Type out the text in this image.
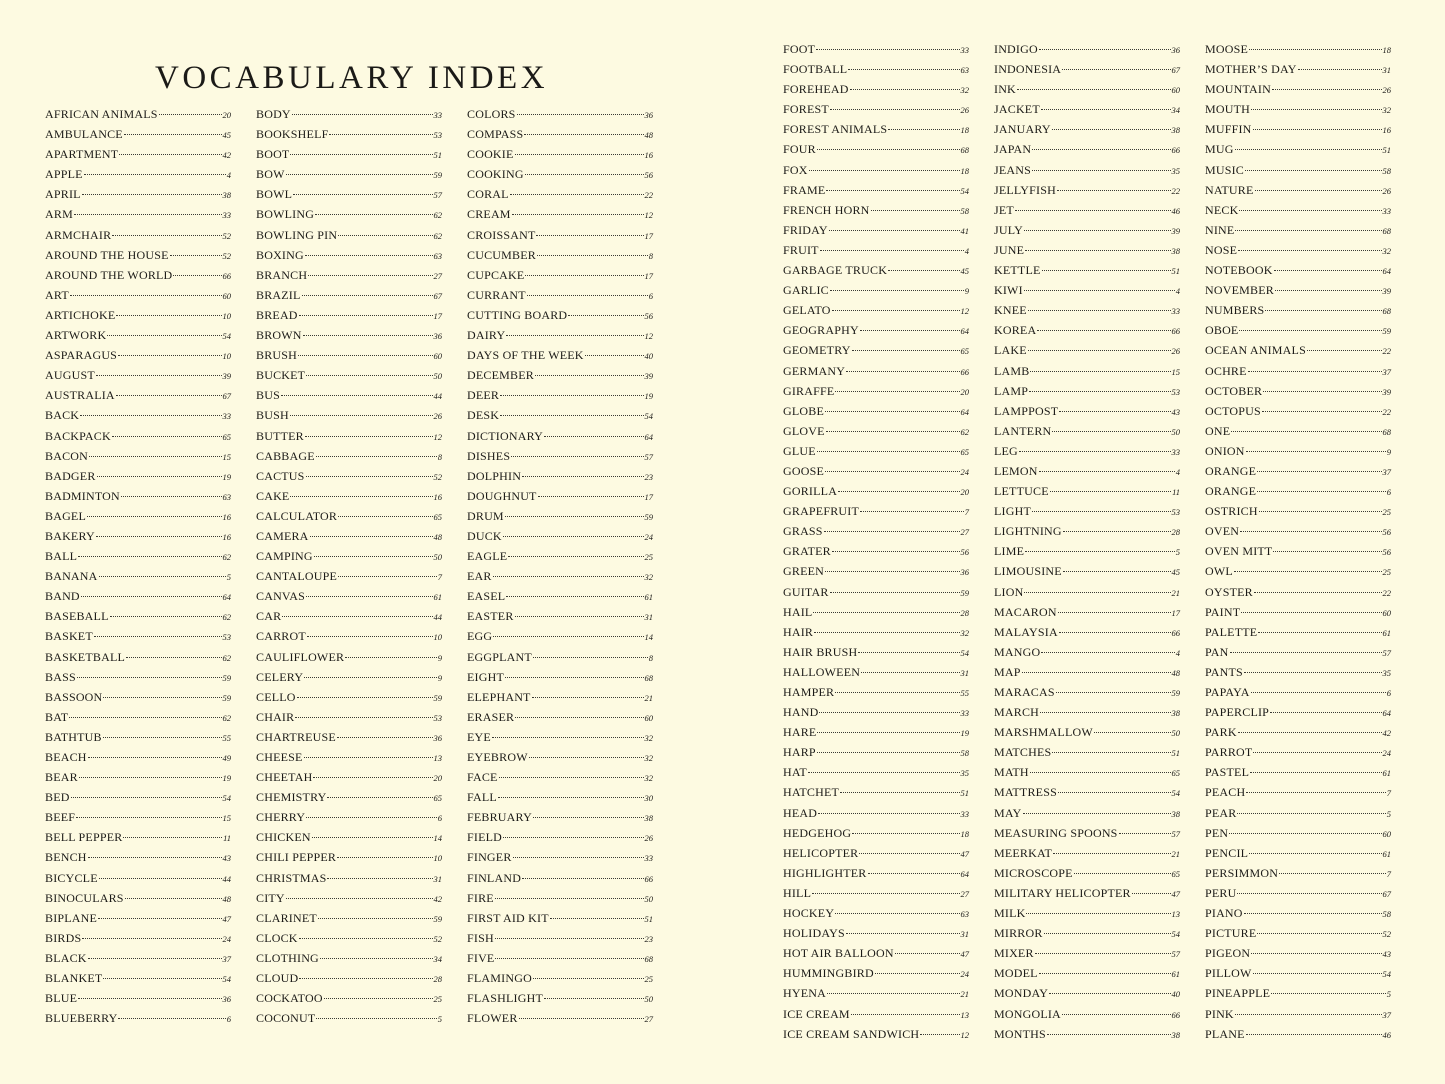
VOCABULARY INDEX
AFRICAN ANIMALS	20
AMBULANCE	45
APARTMENT	42
APPLE	4
APRIL	38
ARM	33
ARMCHAIR	52
AROUND THE HOUSE	52
AROUND THE WORLD	66
ART	60
ARTICHOKE	10
ARTWORK	54
ASPARAGUS	10
AUGUST	39
AUSTRALIA	67
BACK	33
BACKPACK	65
BACON	15
BADGER	19
BADMINTON	63
BAGEL	16
BAKERY	16
BALL	62
BANANA	5
BAND	64
BASEBALL	62
BASKET	53
BASKETBALL	62
BASS	59
BASSOON	59
BAT	62
BATHTUB	55
BEACH	49
BEAR	19
BED	54
BEEF	15
BELL PEPPER	11
BENCH	43
BICYCLE	44
BINOCULARS	48
BIPLANE	47
BIRDS	24
BLACK	37
BLANKET	54
BLUE	36
BLUEBERRY	6
BODY	33
BOOKSHELF	53
BOOT	51
BOW	59
BOWL	57
BOWLING	62
BOWLING PIN	62
BOXING	63
BRANCH	27
BRAZIL	67
BREAD	17
BROWN	36
BRUSH	60
BUCKET	50
BUS	44
BUSH	26
BUTTER	12
CABBAGE	8
CACTUS	52
CAKE	16
CALCULATOR	65
CAMERA	48
CAMPING	50
CANTALOUPE	7
CANVAS	61
CAR	44
CARROT	10
CAULIFLOWER	9
CELERY	9
CELLO	59
CHAIR	53
CHARTREUSE	36
CHEESE	13
CHEETAH	20
CHEMISTRY	65
CHERRY	6
CHICKEN	14
CHILI PEPPER	10
CHRISTMAS	31
CITY	42
CLARINET	59
CLOCK	52
CLOTHING	34
CLOUD	28
COCKATOO	25
COCONUT	5
COLORS	36
COMPASS	48
COOKIE	16
COOKING	56
CORAL	22
CREAM	12
CROISSANT	17
CUCUMBER	8
CUPCAKE	17
CURRANT	6
CUTTING BOARD	56
DAIRY	12
DAYS OF THE WEEK	40
DECEMBER	39
DEER	19
DESK	54
DICTIONARY	64
DISHES	57
DOLPHIN	23
DOUGHNUT	17
DRUM	59
DUCK	24
EAGLE	25
EAR	32
EASEL	61
EASTER	31
EGG	14
EGGPLANT	8
EIGHT	68
ELEPHANT	21
ERASER	60
EYE	32
EYEBROW	32
FACE	32
FALL	30
FEBRUARY	38
FIELD	26
FINGER	33
FINLAND	66
FIRE	50
FIRST AID KIT	51
FISH	23
FIVE	68
FLAMINGO	25
FLASHLIGHT	50
FLOWER	27
FOOT	33
FOOTBALL	63
FOREHEAD	32
FOREST	26
FOREST ANIMALS	18
FOUR	68
FOX	18
FRAME	54
FRENCH HORN	58
FRIDAY	41
FRUIT	4
GARBAGE TRUCK	45
GARLIC	9
GELATO	12
GEOGRAPHY	64
GEOMETRY	65
GERMANY	66
GIRAFFE	20
GLOBE	64
GLOVE	62
GLUE	65
GOOSE	24
GORILLA	20
GRAPEFRUIT	7
GRASS	27
GRATER	56
GREEN	36
GUITAR	59
HAIL	28
HAIR	32
HAIR BRUSH	54
HALLOWEEN	31
HAMPER	55
HAND	33
HARE	19
HARP	58
HAT	35
HATCHET	51
HEAD	33
HEDGEHOG	18
HELICOPTER	47
HIGHLIGHTER	64
HILL	27
HOCKEY	63
HOLIDAYS	31
HOT AIR BALLOON	47
HUMMINGBIRD	24
HYENA	21
ICE CREAM	13
ICE CREAM SANDWICH	12
INDIGO	36
INDONESIA	67
INK	60
JACKET	34
JANUARY	38
JAPAN	66
JEANS	35
JELLYFISH	22
JET	46
JULY	39
JUNE	38
KETTLE	51
KIWI	4
KNEE	33
KOREA	66
LAKE	26
LAMB	15
LAMP	53
LAMPPOST	43
LANTERN	50
LEG	33
LEMON	4
LETTUCE	11
LIGHT	53
LIGHTNING	28
LIME	5
LIMOUSINE	45
LION	21
MACARON	17
MALAYSIA	66
MANGO	4
MAP	48
MARACAS	59
MARCH	38
MARSHMALLOW	50
MATCHES	51
MATH	65
MATTRESS	54
MAY	38
MEASURING SPOONS	57
MEERKAT	21
MICROSCOPE	65
MILITARY HELICOPTER	47
MILK	13
MIRROR	54
MIXER	57
MODEL	61
MONDAY	40
MONGOLIA	66
MONTHS	38
MOOSE	18
MOTHER’S DAY	31
MOUNTAIN	26
MOUTH	32
MUFFIN	16
MUG	51
MUSIC	58
NATURE	26
NECK	33
NINE	68
NOSE	32
NOTEBOOK	64
NOVEMBER	39
NUMBERS	68
OBOE	59
OCEAN ANIMALS	22
OCHRE	37
OCTOBER	39
OCTOPUS	22
ONE	68
ONION	9
ORANGE	37
ORANGE	6
OSTRICH	25
OVEN	56
OVEN MITT	56
OWL	25
OYSTER	22
PAINT	60
PALETTE	61
PAN	57
PANTS	35
PAPAYA	6
PAPERCLIP	64
PARK	42
PARROT	24
PASTEL	61
PEACH	7
PEAR	5
PEN	60
PENCIL	61
PERSIMMON	7
PERU	67
PIANO	58
PICTURE	52
PIGEON	43
PILLOW	54
PINEAPPLE	5
PINK	37
PLANE	46
